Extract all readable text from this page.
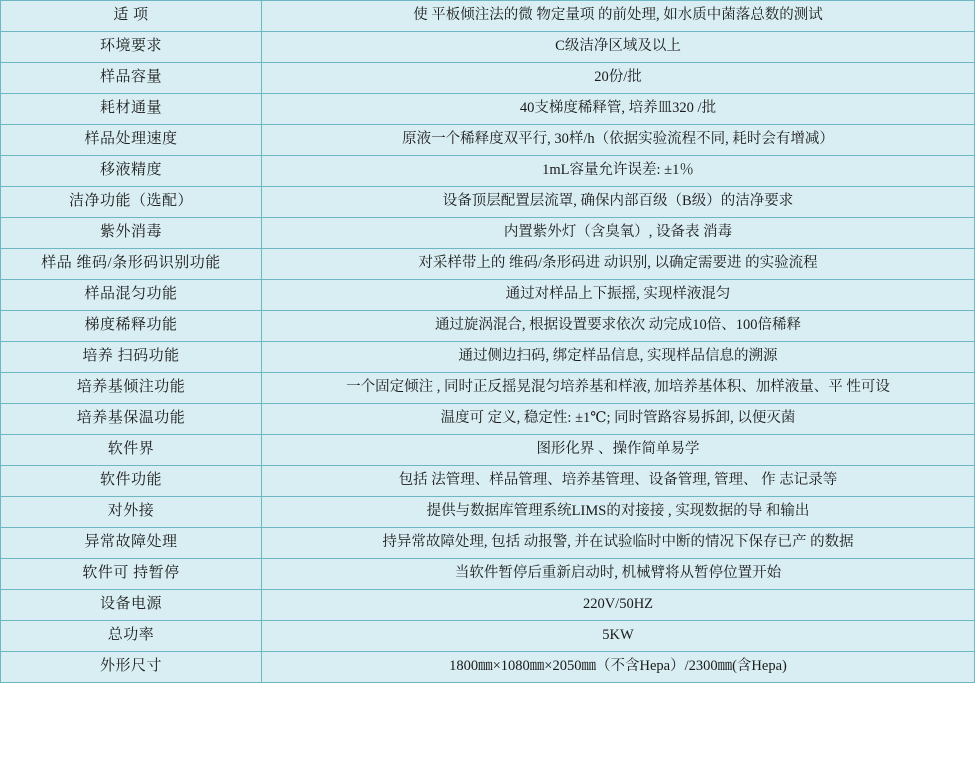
适 项	使 平板倾注法的微 物定量项 的前处理, 如水质中菌落总数的测试
环境要求	C级洁净区域及以上
样品容量	20份/批
耗材通量	40支梯度稀释管, 培养皿320 /批
样品处理速度	原液一个稀释度双平行, 30样/h（依据实验流程不同, 耗时会有增减）
移液精度	1mL容量允许误差: ±1％
洁净功能（选配）	设备顶层配置层流罩, 确保内部百级（B级）的洁净要求
紫外消毒	内置紫外灯（含臭氧）, 设备表 消毒
样品 维码/条形码识别功能	对采样带上的 维码/条形码进 动识别, 以确定需要进 的实验流程
样品混匀功能	通过对样品上下振摇, 实现样液混匀
梯度稀释功能	通过旋涡混合, 根据设置要求依次 动完成10倍、100倍稀释
培养 扫码功能	通过侧边扫码, 绑定样品信息, 实现样品信息的溯源
培养基倾注功能	一个固定倾注 , 同时正反摇晃混匀培养基和样液, 加培养基体积、加样液量、平 性可设
培养基保温功能	温度可 定义, 稳定性: ±1℃; 同时管路容易拆卸, 以便灭菌
软件界	图形化界 、操作简单易学
软件功能	包括 法管理、样品管理、培养基管理、设备管理, 管理、 作 志记录等
对外接	提供与数据库管理系统LIMS的对接接 , 实现数据的导 和输出
异常故障处理	持异常故障处理, 包括 动报警, 并在试验临时中断的情况下保存已产 的数据
软件可 持暂停	当软件暂停后重新启动时, 机械臂将从暂停位置开始
设备电源	220V/50HZ
总功率	5KW
外形尺寸	1800㎜×1080㎜×2050㎜（不含Hepa）/2300㎜(含Hepa)
